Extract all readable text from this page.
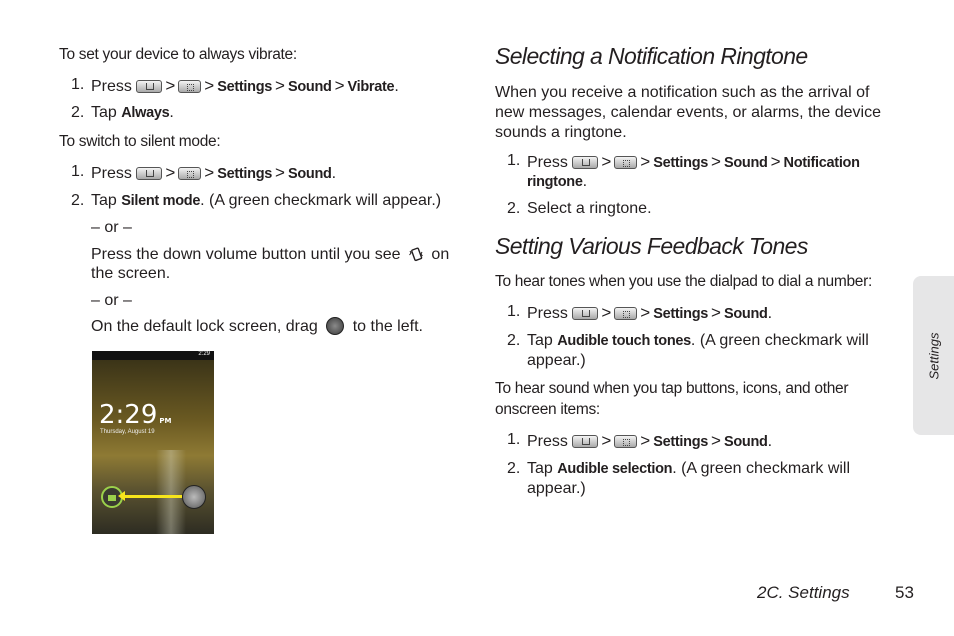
To set your device to always vibrate:
1. Press > > Settings > Sound > Vibrate.
2. Tap Always.
To switch to silent mode:
1. Press > > Settings > Sound.
2. Tap Silent mode. (A green checkmark will appear.)
– or –
Press the down volume button until you see on
the screen.
– or –
On the default lock screen, drag to the left.
2:29
2:29 PM
Thursday, August 19
Selecting a Notification Ringtone
When you receive a notification such as the arrival of
new messages, calendar events, or alarms, the device
sounds a ringtone.
1. Press > > Settings > Sound > Notification
ringtone.
2. Select a ringtone.
Setting Various Feedback Tones
To hear tones when you use the dialpad to dial a number:
1. Press > > Settings > Sound.
2. Tap Audible touch tones. (A green checkmark will
appear.)
To hear sound when you tap buttons, icons, and other
onscreen items:
1. Press > > Settings > Sound.
2. Tap Audible selection. (A green checkmark will
appear.)
Settings
2C. Settings	53
